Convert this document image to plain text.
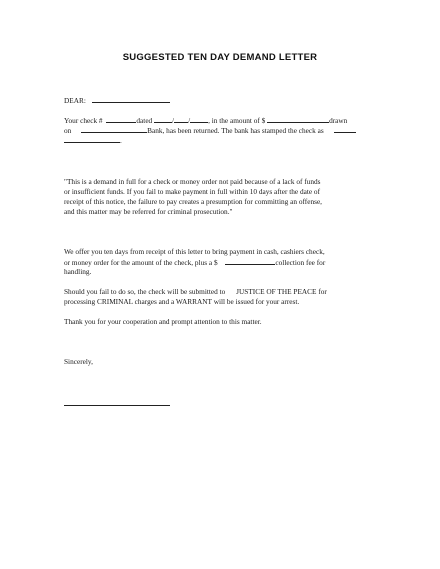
SUGGESTED TEN DAY DEMAND LETTER
DEAR:
Your check #	dated	/ / , in the amount of $	drawn
on	Bank, has been returned. The bank has stamped the check as
.
"This is a demand in full for a check or money order not paid because of a lack of funds
or insufficient funds. If you fail to make payment in full within 10 days after the date of
receipt of this notice, the failure to pay creates a presumption for committing an offense,
and this matter may be referred for criminal prosecution."
We offer you ten days from receipt of this letter to bring payment in cash, cashiers check,
or money order for the amount of the check, plus a $	collection fee for
handling.
Should you fail to do so, the check will be submitted to JUSTICE OF THE PEACE for
processing CRIMINAL charges and a WARRANT will be issued for your arrest.
Thank you for your cooperation and prompt attention to this matter.
Sincerely,
